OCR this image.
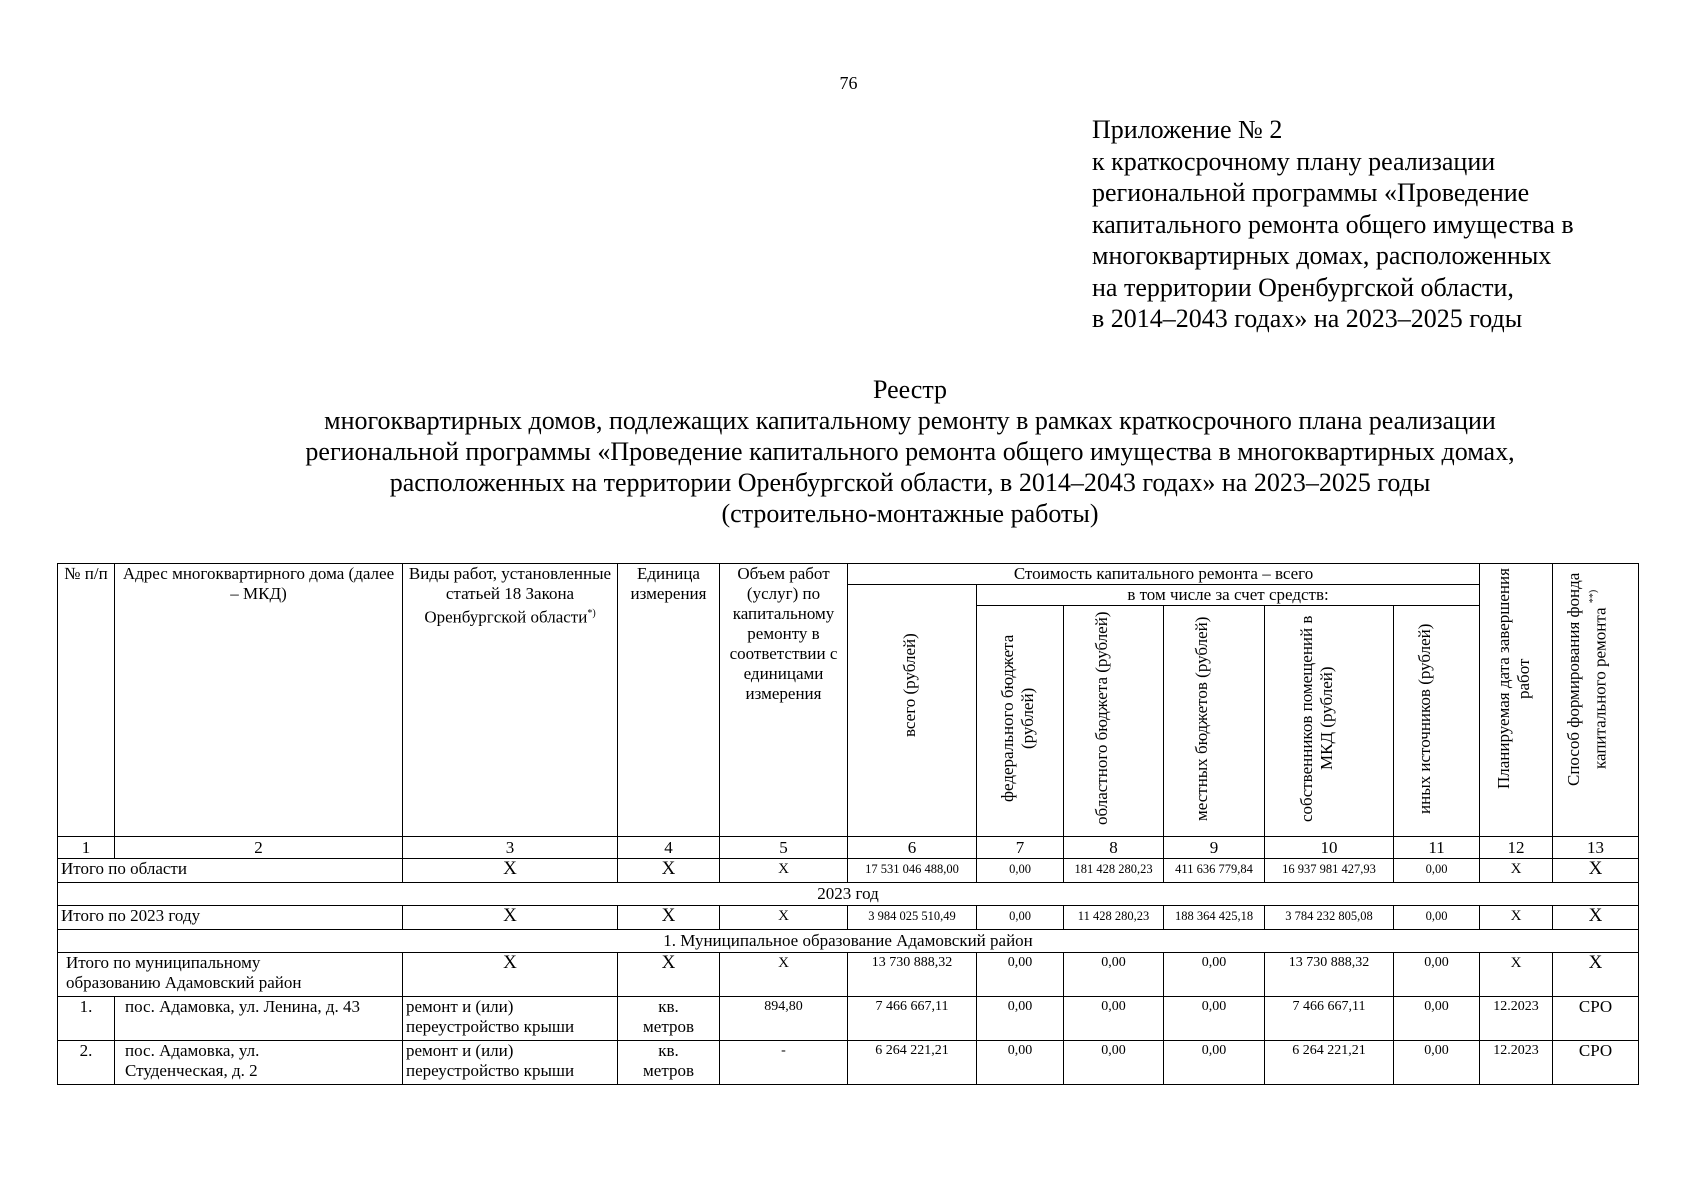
76
Приложение № 2
к краткосрочному плану реализации
региональной программы «Проведение
капитального ремонта общего имущества в
многоквартирных домах, расположенных
на территории Оренбургской области,
в 2014–2043 годах» на 2023–2025 годы
Реестр
многоквартирных домов, подлежащих капитальному ремонту в рамках краткосрочного плана реализации
региональной программы «Проведение капитального ремонта общего имущества в многоквартирных домах,
расположенных на территории Оренбургской области, в 2014–2043 годах» на 2023–2025 годы
(строительно-монтажные работы)
№ п/п	Адрес многоквартирного дома (далее – МКД)	Виды работ, установленные статьей 18 Закона Оренбургской области*)	Единица измерения	Объем работ (услуг) по капитальному ремонту в соответствии с единицами измерения	Стоимость капитального ремонта – всего						Планируемая дата завершения работ	Способ формирования фонда капитального ремонта **)

					всего (рублей)	в том числе за счет средств:						

						федерального бюджета (рублей)	областного бюджета (рублей)	местных бюджетов (рублей)	собственников помещений в МКД (рублей)	иных источников (рублей)		

1	2	3	4	5	6	7	8	9	10	11	12	13
Итого по области		X	X	X	17 531 046 488,00	0,00	181 428 280,23	411 636 779,84	16 937 981 427,93	0,00	X	X
2023 год												
Итого по 2023 году		X	X	X	3 984 025 510,49	0,00	11 428 280,23	188 364 425,18	3 784 232 805,08	0,00	X	X
1. Муниципальное образование Адамовский район												
Итого по муниципальному образованию Адамовский район		X	X	X	13 730 888,32	0,00	0,00	0,00	13 730 888,32	0,00	X	X
1.	пос. Адамовка, ул. Ленина, д. 43	ремонт и (или) переустройство крыши	кв. метров	894,80	7 466 667,11	0,00	0,00	0,00	7 466 667,11	0,00	12.2023	СРО
2.	пос. Адамовка, ул. Студенческая, д. 2	ремонт и (или) переустройство крыши	кв. метров	-	6 264 221,21	0,00	0,00	0,00	6 264 221,21	0,00	12.2023	СРО
